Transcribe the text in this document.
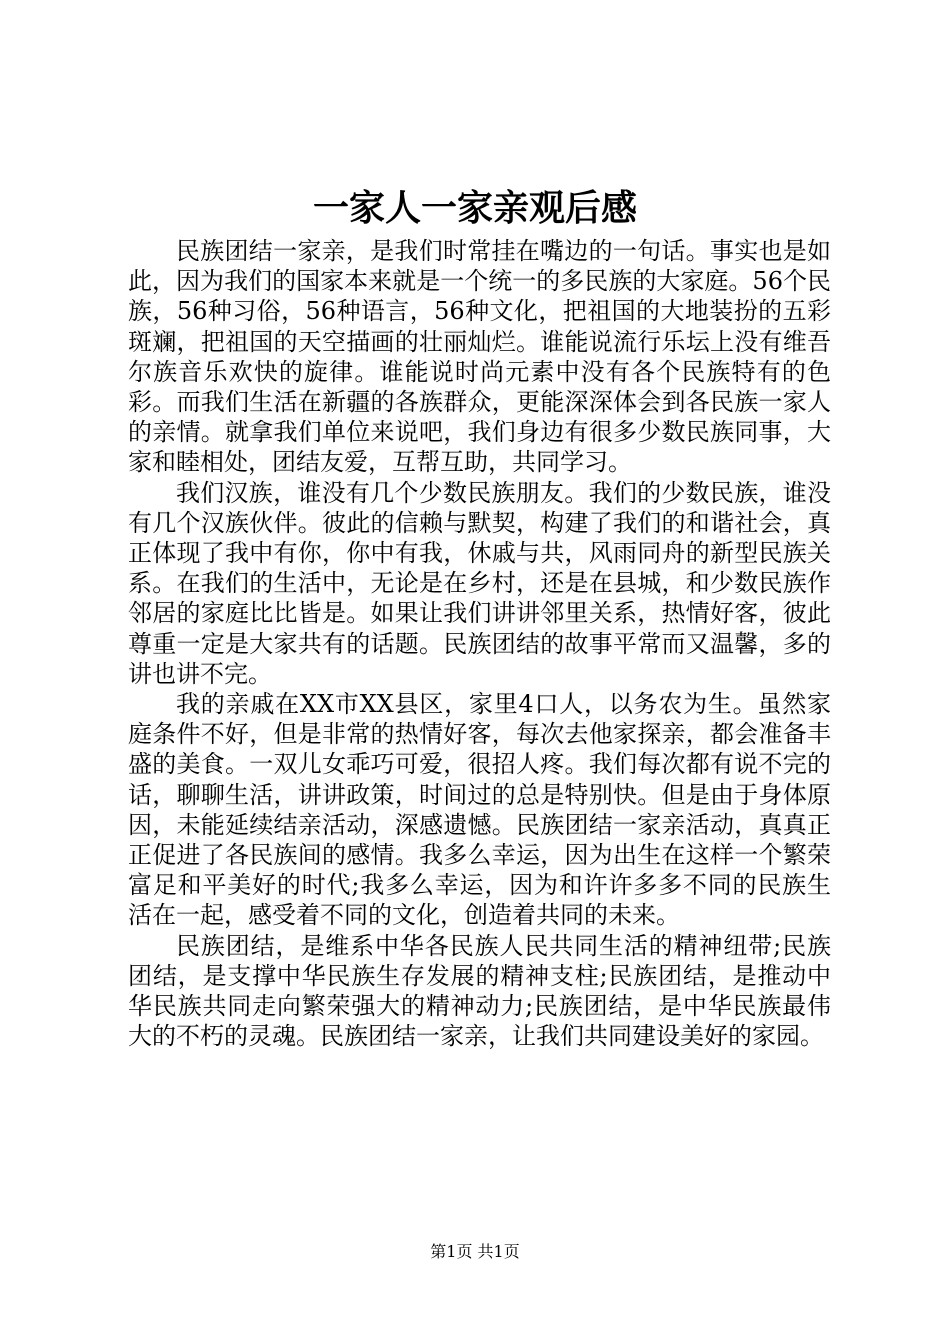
一家人一家亲观后感

民族团结一家亲，是我们时常挂在嘴边的一句话。事实也是如此，因为我们的国家本来就是一个统一的多民族的大家庭。56个民族，56种习俗，56种语言，56种文化，把祖国的大地装扮的五彩斑斓，把祖国的天空描画的壮丽灿烂。谁能说流行乐坛上没有维吾尔族音乐欢快的旋律。谁能说时尚元素中没有各个民族特有的色彩。而我们生活在新疆的各族群众，更能深深体会到各民族一家人的亲情。就拿我们单位来说吧，我们身边有很多少数民族同事，大家和睦相处，团结友爱，互帮互助，共同学习。

我们汉族，谁没有几个少数民族朋友。我们的少数民族，谁没有几个汉族伙伴。彼此的信赖与默契，构建了我们的和谐社会，真正体现了我中有你，你中有我，休戚与共，风雨同舟的新型民族关系。在我们的生活中，无论是在乡村，还是在县城，和少数民族作邻居的家庭比比皆是。如果让我们讲讲邻里关系，热情好客，彼此尊重一定是大家共有的话题。民族团结的故事平常而又温馨，多的讲也讲不完。

我的亲戚在XX市XX县区，家里4口人，以务农为生。虽然家庭条件不好，但是非常的热情好客，每次去他家探亲，都会准备丰盛的美食。一双儿女乖巧可爱，很招人疼。我们每次都有说不完的话，聊聊生活，讲讲政策，时间过的总是特别快。但是由于身体原因，未能延续结亲活动，深感遗憾。民族团结一家亲活动，真真正正促进了各民族间的感情。我多么幸运，因为出生在这样一个繁荣富足和平美好的时代;我多么幸运，因为和许许多多不同的民族生活在一起，感受着不同的文化，创造着共同的未来。

民族团结，是维系中华各民族人民共同生活的精神纽带;民族团结，是支撑中华民族生存发展的精神支柱;民族团结，是推动中华民族共同走向繁荣强大的精神动力;民族团结，是中华民族最伟大的不朽的灵魂。民族团结一家亲，让我们共同建设美好的家园。

第1页 共1页
